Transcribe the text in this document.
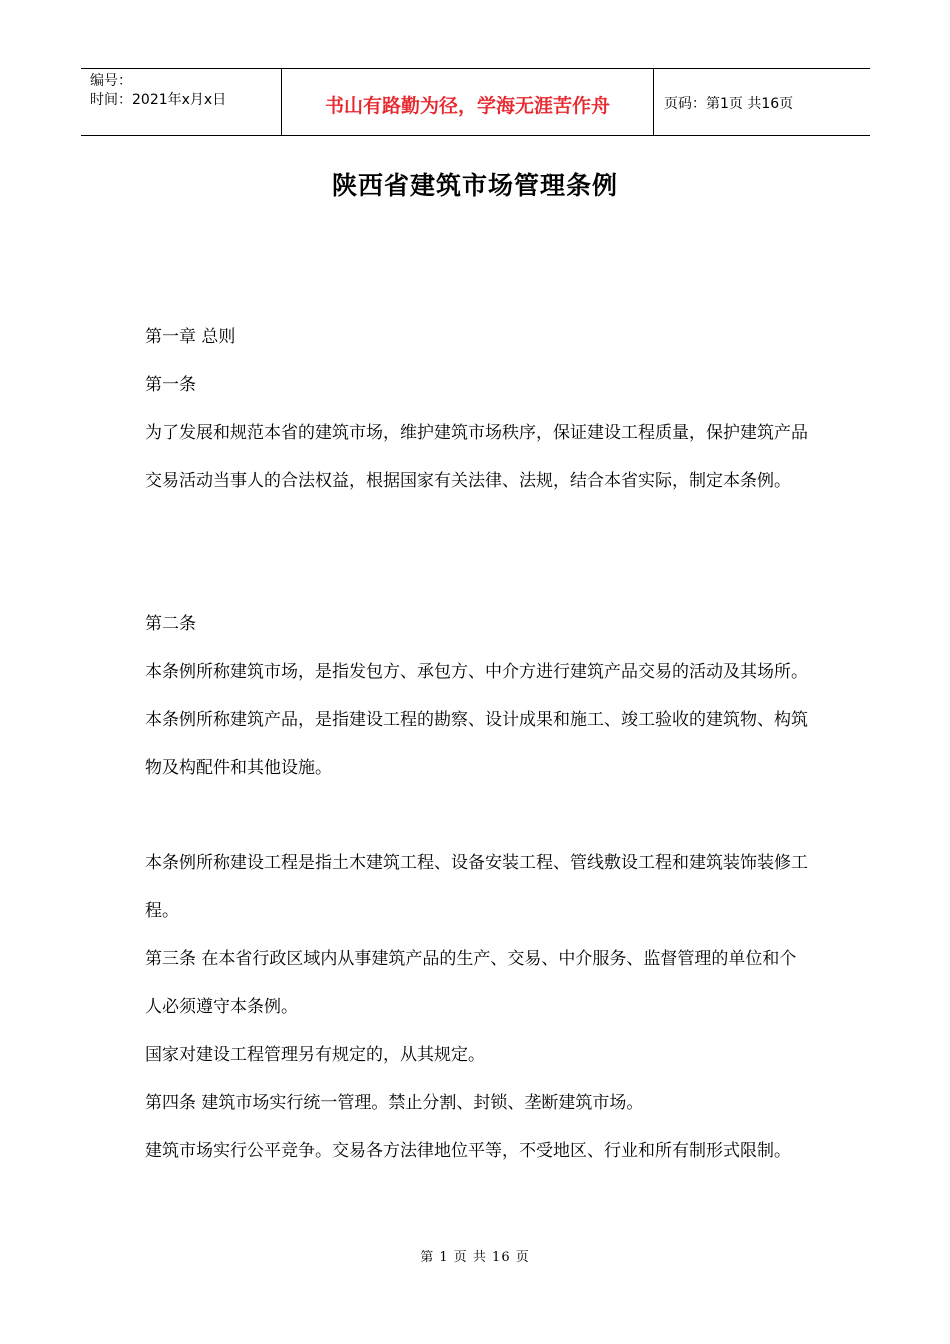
编号：
时间：2021年x月x日	书山有路勤为径，学海无涯苦作舟	页码：第1页 共16页
陕西省建筑市场管理条例

第一章 总则

第一条

为了发展和规范本省的建筑市场，维护建筑市场秩序，保证建设工程质量，保护建筑产品交易活动当事人的合法权益，根据国家有关法律、法规，结合本省实际，制定本条例。

第二条

本条例所称建筑市场，是指发包方、承包方、中介方进行建筑产品交易的活动及其场所。本条例所称建筑产品，是指建设工程的勘察、设计成果和施工、竣工验收的建筑物、构筑物及构配件和其他设施。

本条例所称建设工程是指土木建筑工程、设备安装工程、管线敷设工程和建筑装饰装修工程。

第三条 在本省行政区域内从事建筑产品的生产、交易、中介服务、监督管理的单位和个人必须遵守本条例。

国家对建设工程管理另有规定的，从其规定。

第四条 建筑市场实行统一管理。禁止分割、封锁、垄断建筑市场。

建筑市场实行公平竞争。交易各方法律地位平等，不受地区、行业和所有制形式限制。

第 1 页 共 16 页
